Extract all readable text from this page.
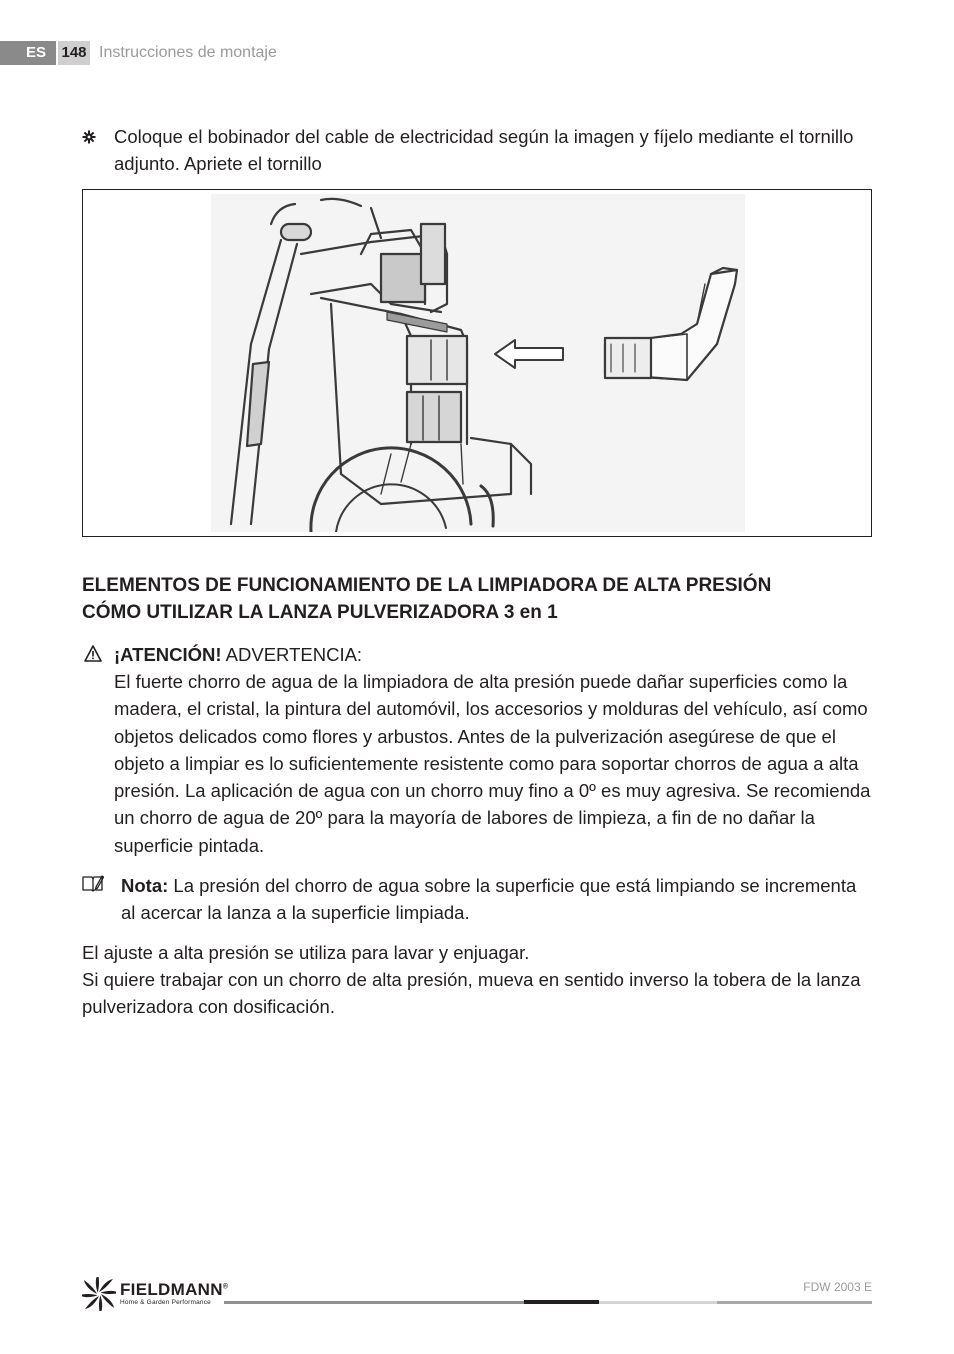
ES	148 Instrucciones de montaje
Coloque el bobinador del cable de electricidad según la imagen y fíjelo mediante el tornillo
adjunto. Apriete el tornillo
ELEMENTOS DE FUNCIONAMIENTO DE LA LIMPIADORA DE ALTA PRESIÓN
CÓMO UTILIZAR LA LANZA PULVERIZADORA 3 en 1
¡ATENCIÓN! ADVERTENCIA:
El fuerte chorro de agua de la limpiadora de alta presión puede dañar superficies como la
madera, el cristal, la pintura del automóvil, los accesorios y molduras del vehículo, así como
objetos delicados como flores y arbustos. Antes de la pulverización asegúrese de que el
objeto a limpiar es lo suficientemente resistente como para soportar chorros de agua a alta
presión. La aplicación de agua con un chorro muy fino a 0º es muy agresiva. Se recomienda
un chorro de agua de 20º para la mayoría de labores de limpieza, a fin de no dañar la
superficie pintada.
Nota: La presión del chorro de agua sobre la superficie que está limpiando se incrementa
al acercar la lanza a la superficie limpiada.
El ajuste a alta presión se utiliza para lavar y enjuagar.
Si quiere trabajar con un chorro de alta presión, mueva en sentido inverso la tobera de la lanza
pulverizadora con dosificación.
FIELDMANN®
Home & Garden Performance
FDW 2003 E
